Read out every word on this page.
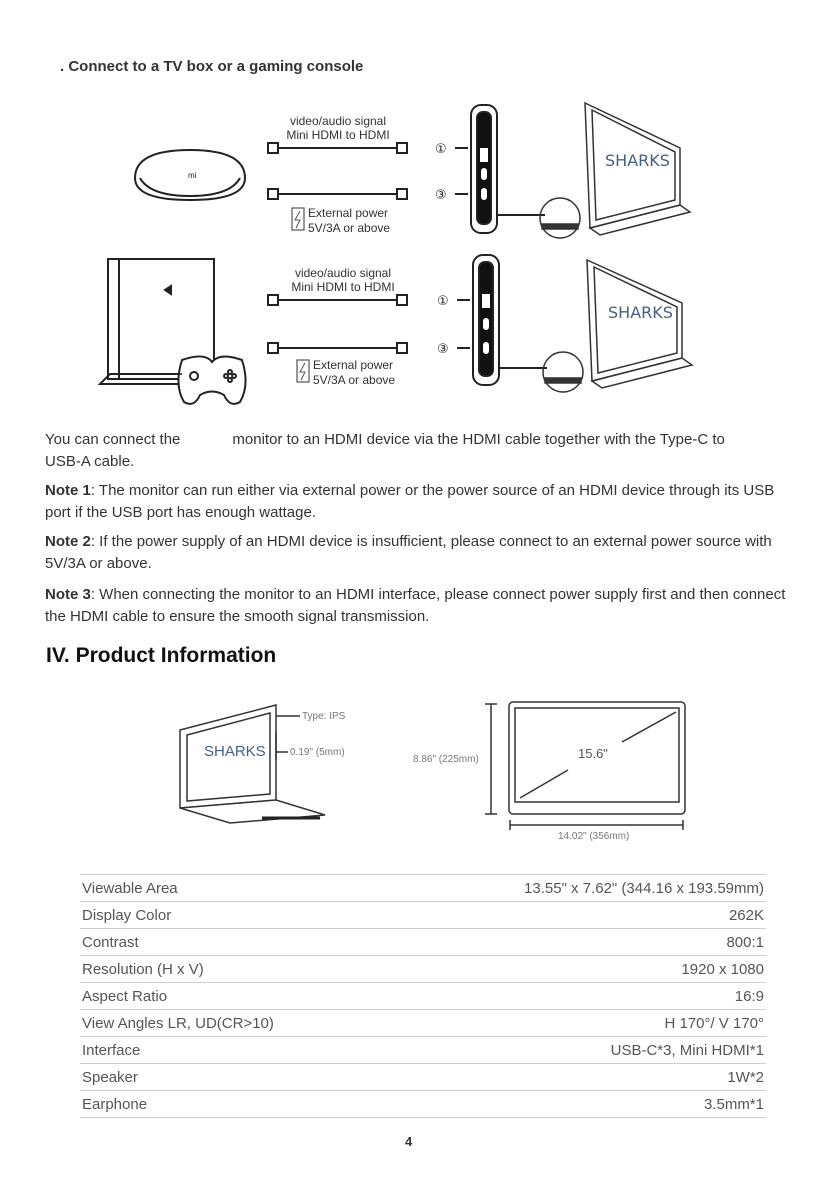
. Connect to a TV box or a gaming console
mi
SHARKS
SHARKS
①
③
①
③
video/audio signal
Mini HDMI to HDMI
External power
5V/3A or above
video/audio signal
Mini HDMI to HDMI
External power
5V/3A or above
You can connect the	monitor to an HDMI device via the HDMI cable together with the Type-C to
USB-A cable.
Note 1: The monitor can run either via external power or the power source of an HDMI device through its USB port if the USB port has enough wattage.
Note 2: If the power supply of an HDMI device is insufficient, please connect to an external power source with 5V/3A or above.
Note 3: When connecting the monitor to an HDMI interface, please connect power supply first and then connect the HDMI cable to ensure the smooth signal transmission.
IV. Product Information
SHARKS
Type: IPS
0.19" (5mm)
8.86" (225mm)	15.6"
14.02" (356mm)
Viewable Area	13.55" x 7.62" (344.16 x 193.59mm)
Display Color	262K
Contrast	800:1
Resolution (H x V)	1920 x 1080
Aspect Ratio	16:9
View Angles LR, UD(CR>10)	H 170°/ V 170°
Interface	USB-C*3, Mini HDMI*1
Speaker	1W*2
Earphone	3.5mm*1
4
